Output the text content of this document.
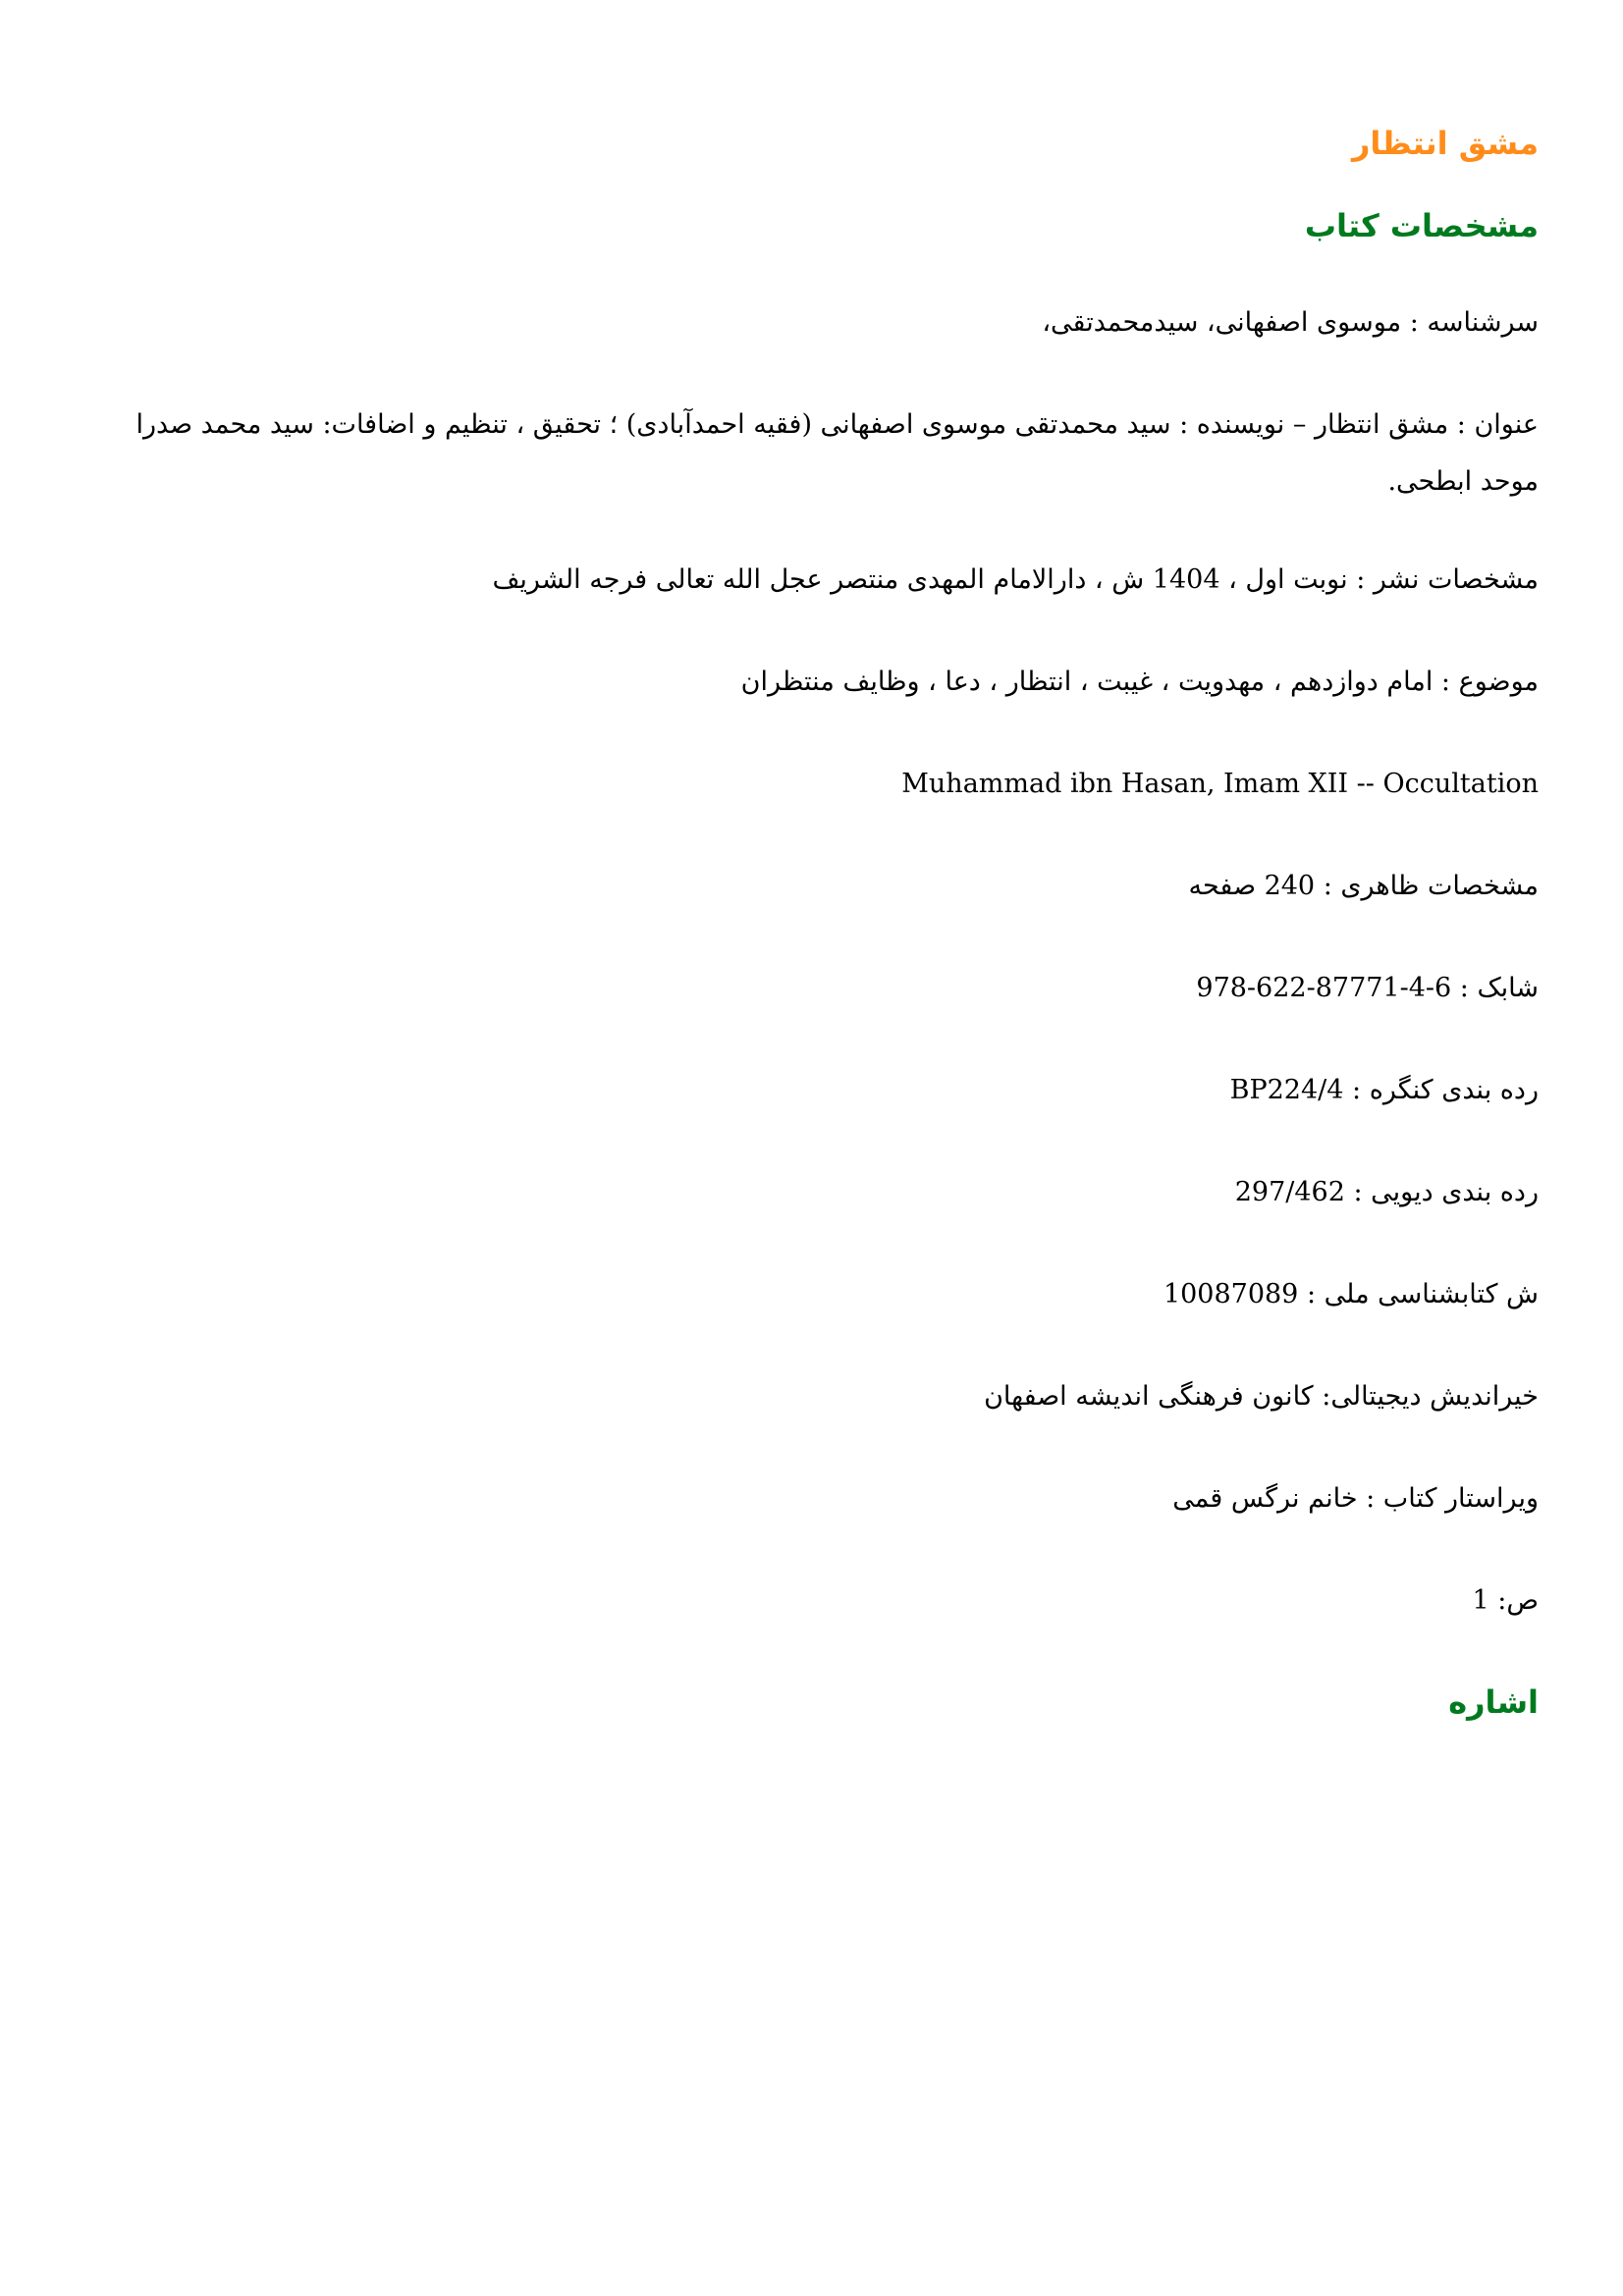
مشق انتظار
مشخصات کتاب
سرشناسه : موسوی اصفهانی، سیدمحمدتقی،
عنوان : مشق انتظار – نویسنده : سید محمدتقی موسوی اصفهانی (فقیه احمدآبادی) ؛ تحقیق ، تنظیم و اضافات: سید محمد صدرا موحد ابطحی.
مشخصات نشر : نوبت اول ، 1404 ش ، دارالامام المهدی منتصر عجل الله تعالی فرجه الشریف
موضوع : امام دوازدهم ، مهدویت ، غیبت ، انتظار ، دعا ، وظایف منتظران
Muhammad ibn Hasan, Imam XII -- Occultation
مشخصات ظاهری : 240 صفحه
شابک : 978-622-87771-4-6
رده بندی کنگره : BP224/4
رده بندی دیویی : 297/462
ش کتابشناسی ملی : 10087089
خیراندیش دیجیتالی: کانون فرهنگی اندیشه اصفهان
ویراستار کتاب : خانم نرگس قمی
ص: 1
اشاره
